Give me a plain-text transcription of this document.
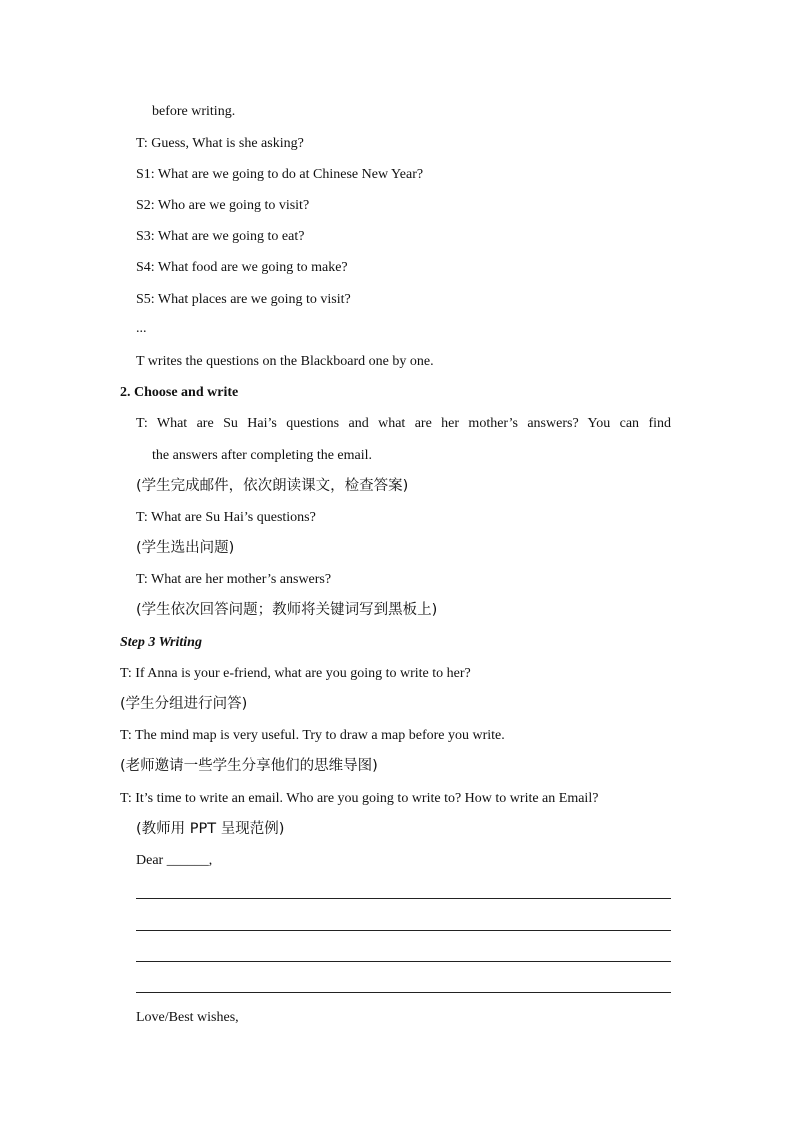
before writing.
T: Guess, What is she asking?
S1: What are we going to do at Chinese New Year?
S2: Who are we going to visit?
S3: What are we going to eat?
S4: What food are we going to make?
S5: What places are we going to visit?
...
T writes the questions on the Blackboard one by one.
2. Choose and write
T: What are Su Hai’s questions and what are her mother’s answers? You can find
the answers after completing the email.
(学生完成邮件，依次朗读课文，检查答案)
T: What are Su Hai’s questions?
(学生选出问题)
T: What are her mother’s answers?
(学生依次回答问题；教师将关键词写到黑板上)
Step 3 Writing
T: If Anna is your e-friend, what are you going to write to her?
(学生分组进行问答)
T: The mind map is very useful. Try to draw a map before you write.
(老师邀请一些学生分享他们的思维导图)
T: It’s time to write an email. Who are you going to write to? How to write an Email?
(教师用 PPT 呈现范例)
Dear ______,
Love/Best wishes,
